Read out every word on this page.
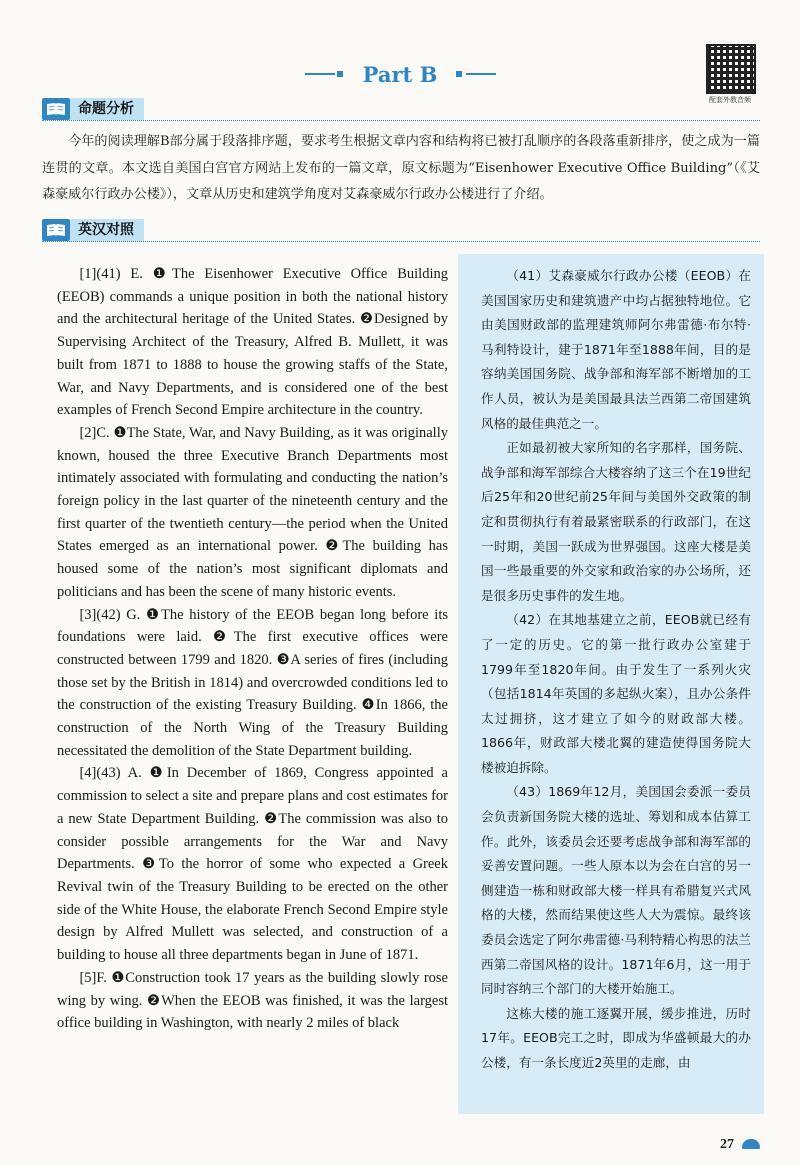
Part B
配套外教音频
命题分析
今年的阅读理解B部分属于段落排序题，要求考生根据文章内容和结构将已被打乱顺序的各段落重新排序，使之成为一篇连贯的文章。本文选自美国白宫官方网站上发布的一篇文章，原文标题为“Eisenhower Executive Office Building”（《艾森豪威尔行政办公楼》），文章从历史和建筑学角度对艾森豪威尔行政办公楼进行了介绍。
英汉对照

[1](41) E. ❶The Eisenhower Executive Office Building (EEOB) commands a unique position in both the national history and the architectural heritage of the United States. ❷Designed by Supervising Architect of the Treasury, Alfred B. Mullett, it was built from 1871 to 1888 to house the growing staffs of the State, War, and Navy Departments, and is considered one of the best examples of French Second Empire architecture in the country.

[2]C. ❶The State, War, and Navy Building, as it was originally known, housed the three Executive Branch Departments most intimately associated with formulating and conducting the nation’s foreign policy in the last quarter of the nineteenth century and the first quarter of the twentieth century—the period when the United States emerged as an international power. ❷The building has housed some of the nation’s most significant diplomats and politicians and has been the scene of many historic events.

[3](42) G. ❶The history of the EEOB began long before its foundations were laid. ❷The first executive offices were constructed between 1799 and 1820. ❸A series of fires (including those set by the British in 1814) and overcrowded conditions led to the construction of the existing Treasury Building. ❹In 1866, the construction of the North Wing of the Treasury Building necessitated the demolition of the State Department building.

[4](43) A. ❶In December of 1869, Congress appointed a commission to select a site and prepare plans and cost estimates for a new State Department Building. ❷The commission was also to consider possible arrangements for the War and Navy Departments. ❸To the horror of some who expected a Greek Revival twin of the Treasury Building to be erected on the other side of the White House, the elaborate French Second Empire style design by Alfred Mullett was selected, and construction of a building to house all three departments began in June of 1871.

[5]F. ❶Construction took 17 years as the building slowly rose wing by wing. ❷When the EEOB was finished, it was the largest office building in Washington, with nearly 2 miles of black

（41）艾森豪威尔行政办公楼（EEOB）在美国国家历史和建筑遗产中均占据独特地位。它由美国财政部的监理建筑师阿尔弗雷德·布尔特·马利特设计，建于1871年至1888年间，目的是容纳美国国务院、战争部和海军部不断增加的工作人员，被认为是美国最具法兰西第二帝国建筑风格的最佳典范之一。

正如最初被大家所知的名字那样，国务院、战争部和海军部综合大楼容纳了这三个在19世纪后25年和20世纪前25年间与美国外交政策的制定和贯彻执行有着最紧密联系的行政部门，在这一时期，美国一跃成为世界强国。这座大楼是美国一些最重要的外交家和政治家的办公场所，还是很多历史事件的发生地。

（42）在其地基建立之前，EEOB就已经有了一定的历史。它的第一批行政办公室建于1799年至1820年间。由于发生了一系列火灾（包括1814年英国的多起纵火案），且办公条件太过拥挤，这才建立了如今的财政部大楼。1866年，财政部大楼北翼的建造使得国务院大楼被迫拆除。

（43）1869年12月，美国国会委派一委员会负责新国务院大楼的选址、筹划和成本估算工作。此外，该委员会还要考虑战争部和海军部的妥善安置问题。一些人原本以为会在白宫的另一侧建造一栋和财政部大楼一样具有希腊复兴式风格的大楼，然而结果使这些人大为震惊。最终该委员会选定了阿尔弗雷德·马利特精心构思的法兰西第二帝国风格的设计。1871年6月，这一用于同时容纳三个部门的大楼开始施工。

这栋大楼的施工逐翼开展，缓步推进，历时17年。EEOB完工之时，即成为华盛顿最大的办公楼，有一条长度近2英里的走廊，由

27
